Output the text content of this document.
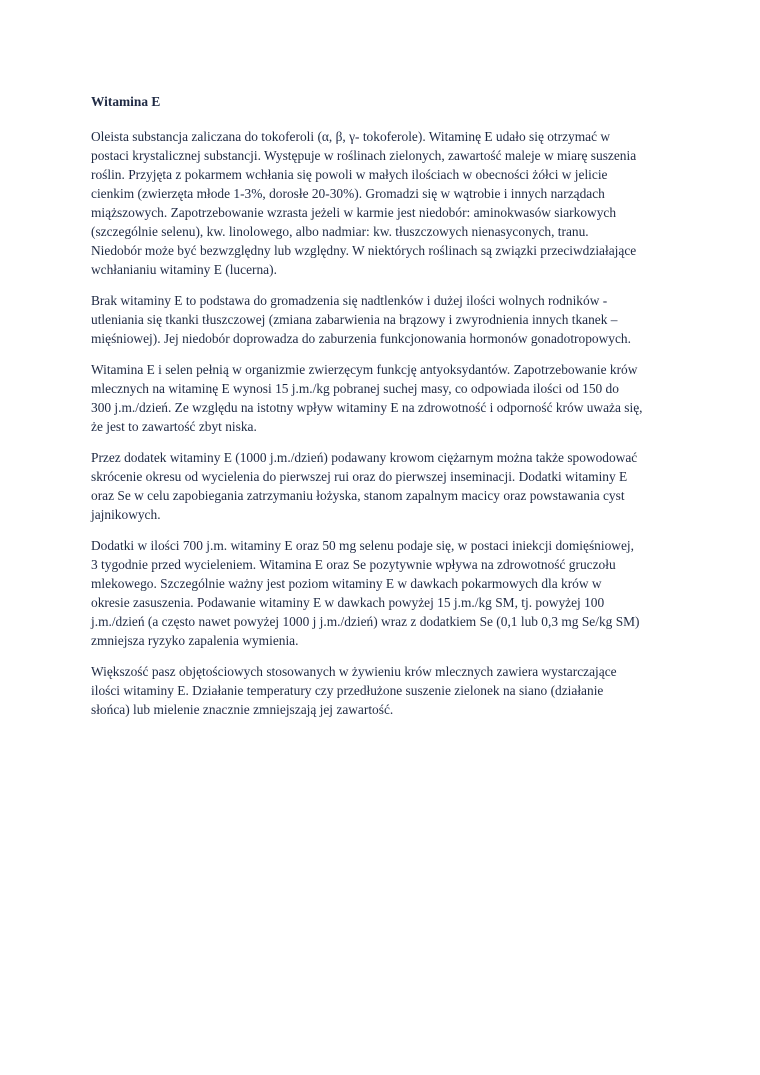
Witamina E
Oleista substancja zaliczana do tokoferoli (α, β, γ- tokoferole). Witaminę E udało się otrzymać w
postaci krystalicznej substancji. Występuje w roślinach zielonych, zawartość maleje w miarę suszenia
roślin. Przyjęta z pokarmem wchłania się powoli w małych ilościach w obecności żółci w jelicie
cienkim (zwierzęta młode 1-3%, dorosłe 20-30%). Gromadzi się w wątrobie i innych narządach
miąższowych. Zapotrzebowanie wzrasta jeżeli w karmie jest niedobór: aminokwasów siarkowych
(szczególnie selenu), kw. linolowego, albo nadmiar: kw. tłuszczowych nienasyconych, tranu.
Niedobór może być bezwzględny lub względny. W niektórych roślinach są związki przeciwdziałające
wchłanianiu witaminy E (lucerna).
Brak witaminy E to podstawa do gromadzenia się nadtlenków i dużej ilości wolnych rodników -
utleniania się tkanki tłuszczowej (zmiana zabarwienia na brązowy i zwyrodnienia innych tkanek –
mięśniowej). Jej niedobór doprowadza do zaburzenia funkcjonowania hormonów gonadotropowych.
Witamina E i selen pełnią w organizmie zwierzęcym funkcję antyoksydantów. Zapotrzebowanie krów
mlecznych na witaminę E wynosi 15 j.m./kg pobranej suchej masy, co odpowiada ilości od 150 do
300 j.m./dzień. Ze względu na istotny wpływ witaminy E na zdrowotność i odporność krów uważa się,
że jest to zawartość zbyt niska.
Przez dodatek witaminy E (1000 j.m./dzień) podawany krowom ciężarnym można także spowodować
skrócenie okresu od wycielenia do pierwszej rui oraz do pierwszej inseminacji. Dodatki witaminy E
oraz Se w celu zapobiegania zatrzymaniu łożyska, stanom zapalnym macicy oraz powstawania cyst
jajnikowych.
Dodatki w ilości 700 j.m. witaminy E oraz 50 mg selenu podaje się, w postaci iniekcji domięśniowej,
3 tygodnie przed wycieleniem. Witamina E oraz Se pozytywnie wpływa na zdrowotność gruczołu
mlekowego. Szczególnie ważny jest poziom witaminy E w dawkach pokarmowych dla krów w
okresie zasuszenia. Podawanie witaminy E w dawkach powyżej 15 j.m./kg SM, tj. powyżej 100
j.m./dzień (a często nawet powyżej 1000 j j.m./dzień) wraz z dodatkiem Se (0,1 lub 0,3 mg Se/kg SM)
zmniejsza ryzyko zapalenia wymienia.
Większość pasz objętościowych stosowanych w żywieniu krów mlecznych zawiera wystarczające
ilości witaminy E. Działanie temperatury czy przedłużone suszenie zielonek na siano (działanie
słońca) lub mielenie znacznie zmniejszają jej zawartość.
